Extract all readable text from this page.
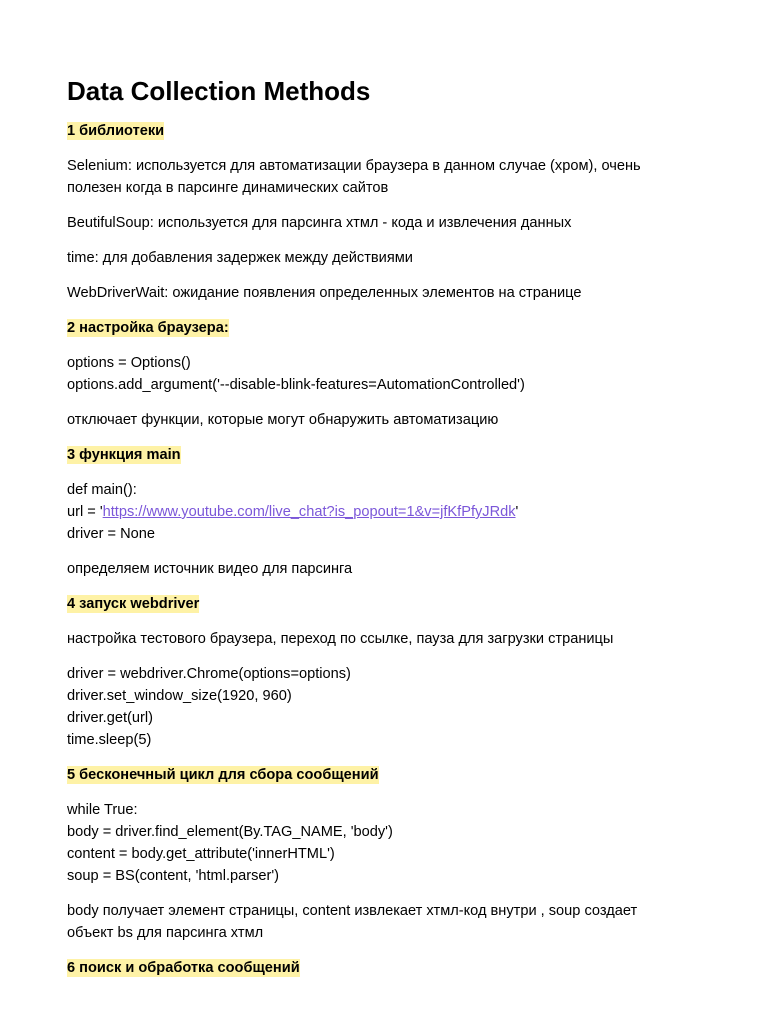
Data Collection Methods
1 библиотеки
Selenium: используется для автоматизации браузера в данном случае (хром), очень
полезен когда в парсинге динамических сайтов
BeutifulSoup: используется для парсинга хтмл - кода и извлечения данных
time: для добавления задержек между действиями
WebDriverWait: ожидание появления определенных элементов на странице
2 настройка браузера:
options = Options()
options.add_argument('--disable-blink-features=AutomationControlled')
отключает функции, которые могут обнаружить автоматизацию
3 функция main
def main():
url = 'https://www.youtube.com/live_chat?is_popout=1&v=jfKfPfyJRdk'
driver = None
определяем источник видео для парсинга
4 запуск webdriver
настройка тестового браузера, переход по ссылке, пауза для загрузки страницы
driver = webdriver.Chrome(options=options)
driver.set_window_size(1920, 960)
driver.get(url)
time.sleep(5)
5 бесконечный цикл для сбора сообщений
while True:
body = driver.find_element(By.TAG_NAME, 'body')
content = body.get_attribute('innerHTML')
soup = BS(content, 'html.parser')
body получает элемент страницы, content извлекает хтмл-код внутри , soup создает
объект bs для парсинга хтмл
6 поиск и обработка сообщений
